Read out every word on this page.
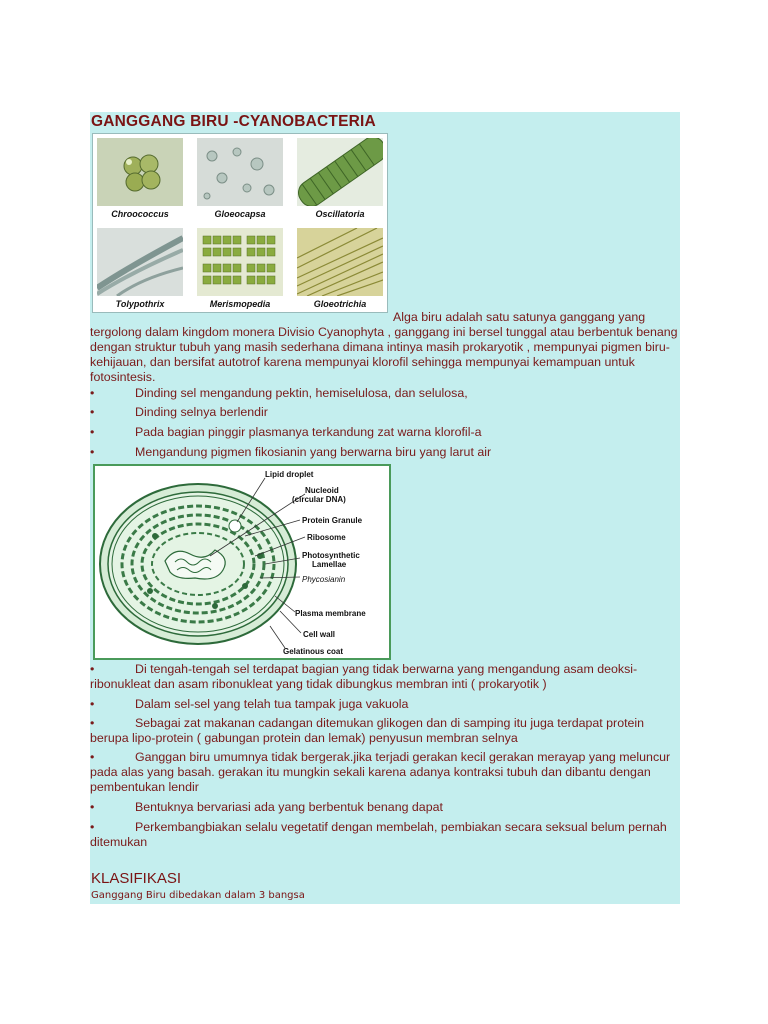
GANGGANG BIRU -CYANOBACTERIA
Chroococcus	Gloeocapsa	Oscillatoria
Tolypothrix	Merismopedia	Gloeotrichia
Alga biru adalah satu satunya ganggang yang
tergolong dalam kingdom monera Divisio Cyanophyta , ganggang ini bersel tunggal atau berbentuk benang dengan struktur tubuh yang masih sederhana dimana intinya masih prokaryotik , mempunyai pigmen biru-kehijauan, dan bersifat autotrof karena mempunyai klorofil sehingga mempunyai kemampuan untuk fotosintesis.
•	Dinding sel mengandung pektin, hemiselulosa, dan selulosa,
•	Dinding selnya berlendir
•	Pada bagian pinggir plasmanya terkandung zat warna klorofil-a
•	Mengandung pigmen fikosianin yang berwarna biru yang larut air
Lipid droplet
Nucleoid
(circular DNA)
Protein Granule
Ribosome
Photosynthetic
Lamellae
Phycosianin
Plasma membrane
Cell wall
Gelatinous coat
•	Di tengah-tengah sel terdapat bagian yang tidak berwarna yang mengandung asam deoksi-ribonukleat dan asam ribonukleat yang tidak dibungkus membran inti ( prokaryotik )
•	Dalam sel-sel yang telah tua tampak juga vakuola
•	Sebagai zat makanan cadangan ditemukan glikogen dan di samping itu juga terdapat protein berupa lipo-protein ( gabungan protein dan lemak) penyusun membran selnya
•	Ganggan biru umumnya tidak bergerak.jika terjadi gerakan kecil gerakan merayap yang meluncur pada alas yang basah. gerakan itu mungkin sekali karena adanya kontraksi tubuh dan dibantu dengan pembentukan lendir
•	Bentuknya bervariasi ada yang berbentuk benang dapat
•	Perkembangbiakan selalu vegetatif dengan membelah, pembiakan secara seksual belum pernah ditemukan
KLASIFIKASI
Ganggang Biru dibedakan dalam 3 bangsa
